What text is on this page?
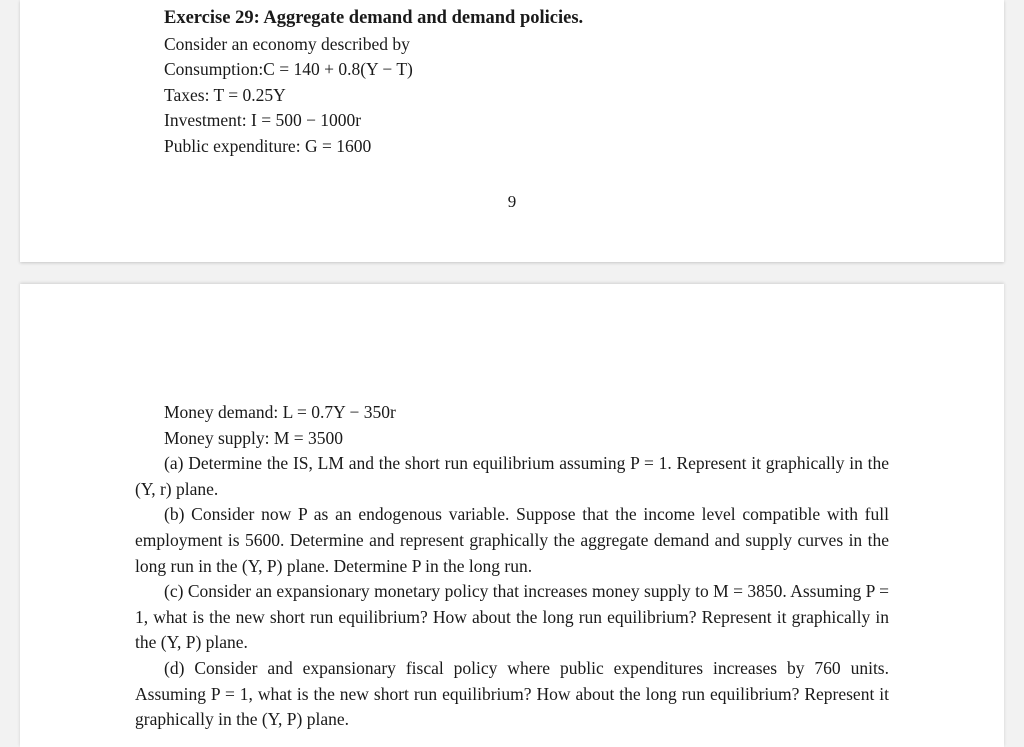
Exercise 29: Aggregate demand and demand policies.
Consider an economy described by
Consumption:C = 140 + 0.8(Y − T)
Taxes: T = 0.25Y
Investment: I = 500 − 1000r
Public expenditure: G = 1600
9
Money demand: L = 0.7Y − 350r
Money supply: M = 3500

(a) Determine the IS, LM and the short run equilibrium assuming P = 1. Represent it graphically in the (Y, r) plane.

(b) Consider now P as an endogenous variable. Suppose that the income level compatible with full employment is 5600. Determine and represent graphically the aggregate demand and supply curves in the long run in the (Y, P) plane. Determine P in the long run.

(c) Consider an expansionary monetary policy that increases money supply to M = 3850. Assuming P = 1, what is the new short run equilibrium? How about the long run equilibrium? Represent it graphically in the (Y, P) plane.

(d) Consider and expansionary fiscal policy where public expenditures increases by 760 units. Assuming P = 1, what is the new short run equilibrium? How about the long run equilibrium? Represent it graphically in the (Y, P) plane.
